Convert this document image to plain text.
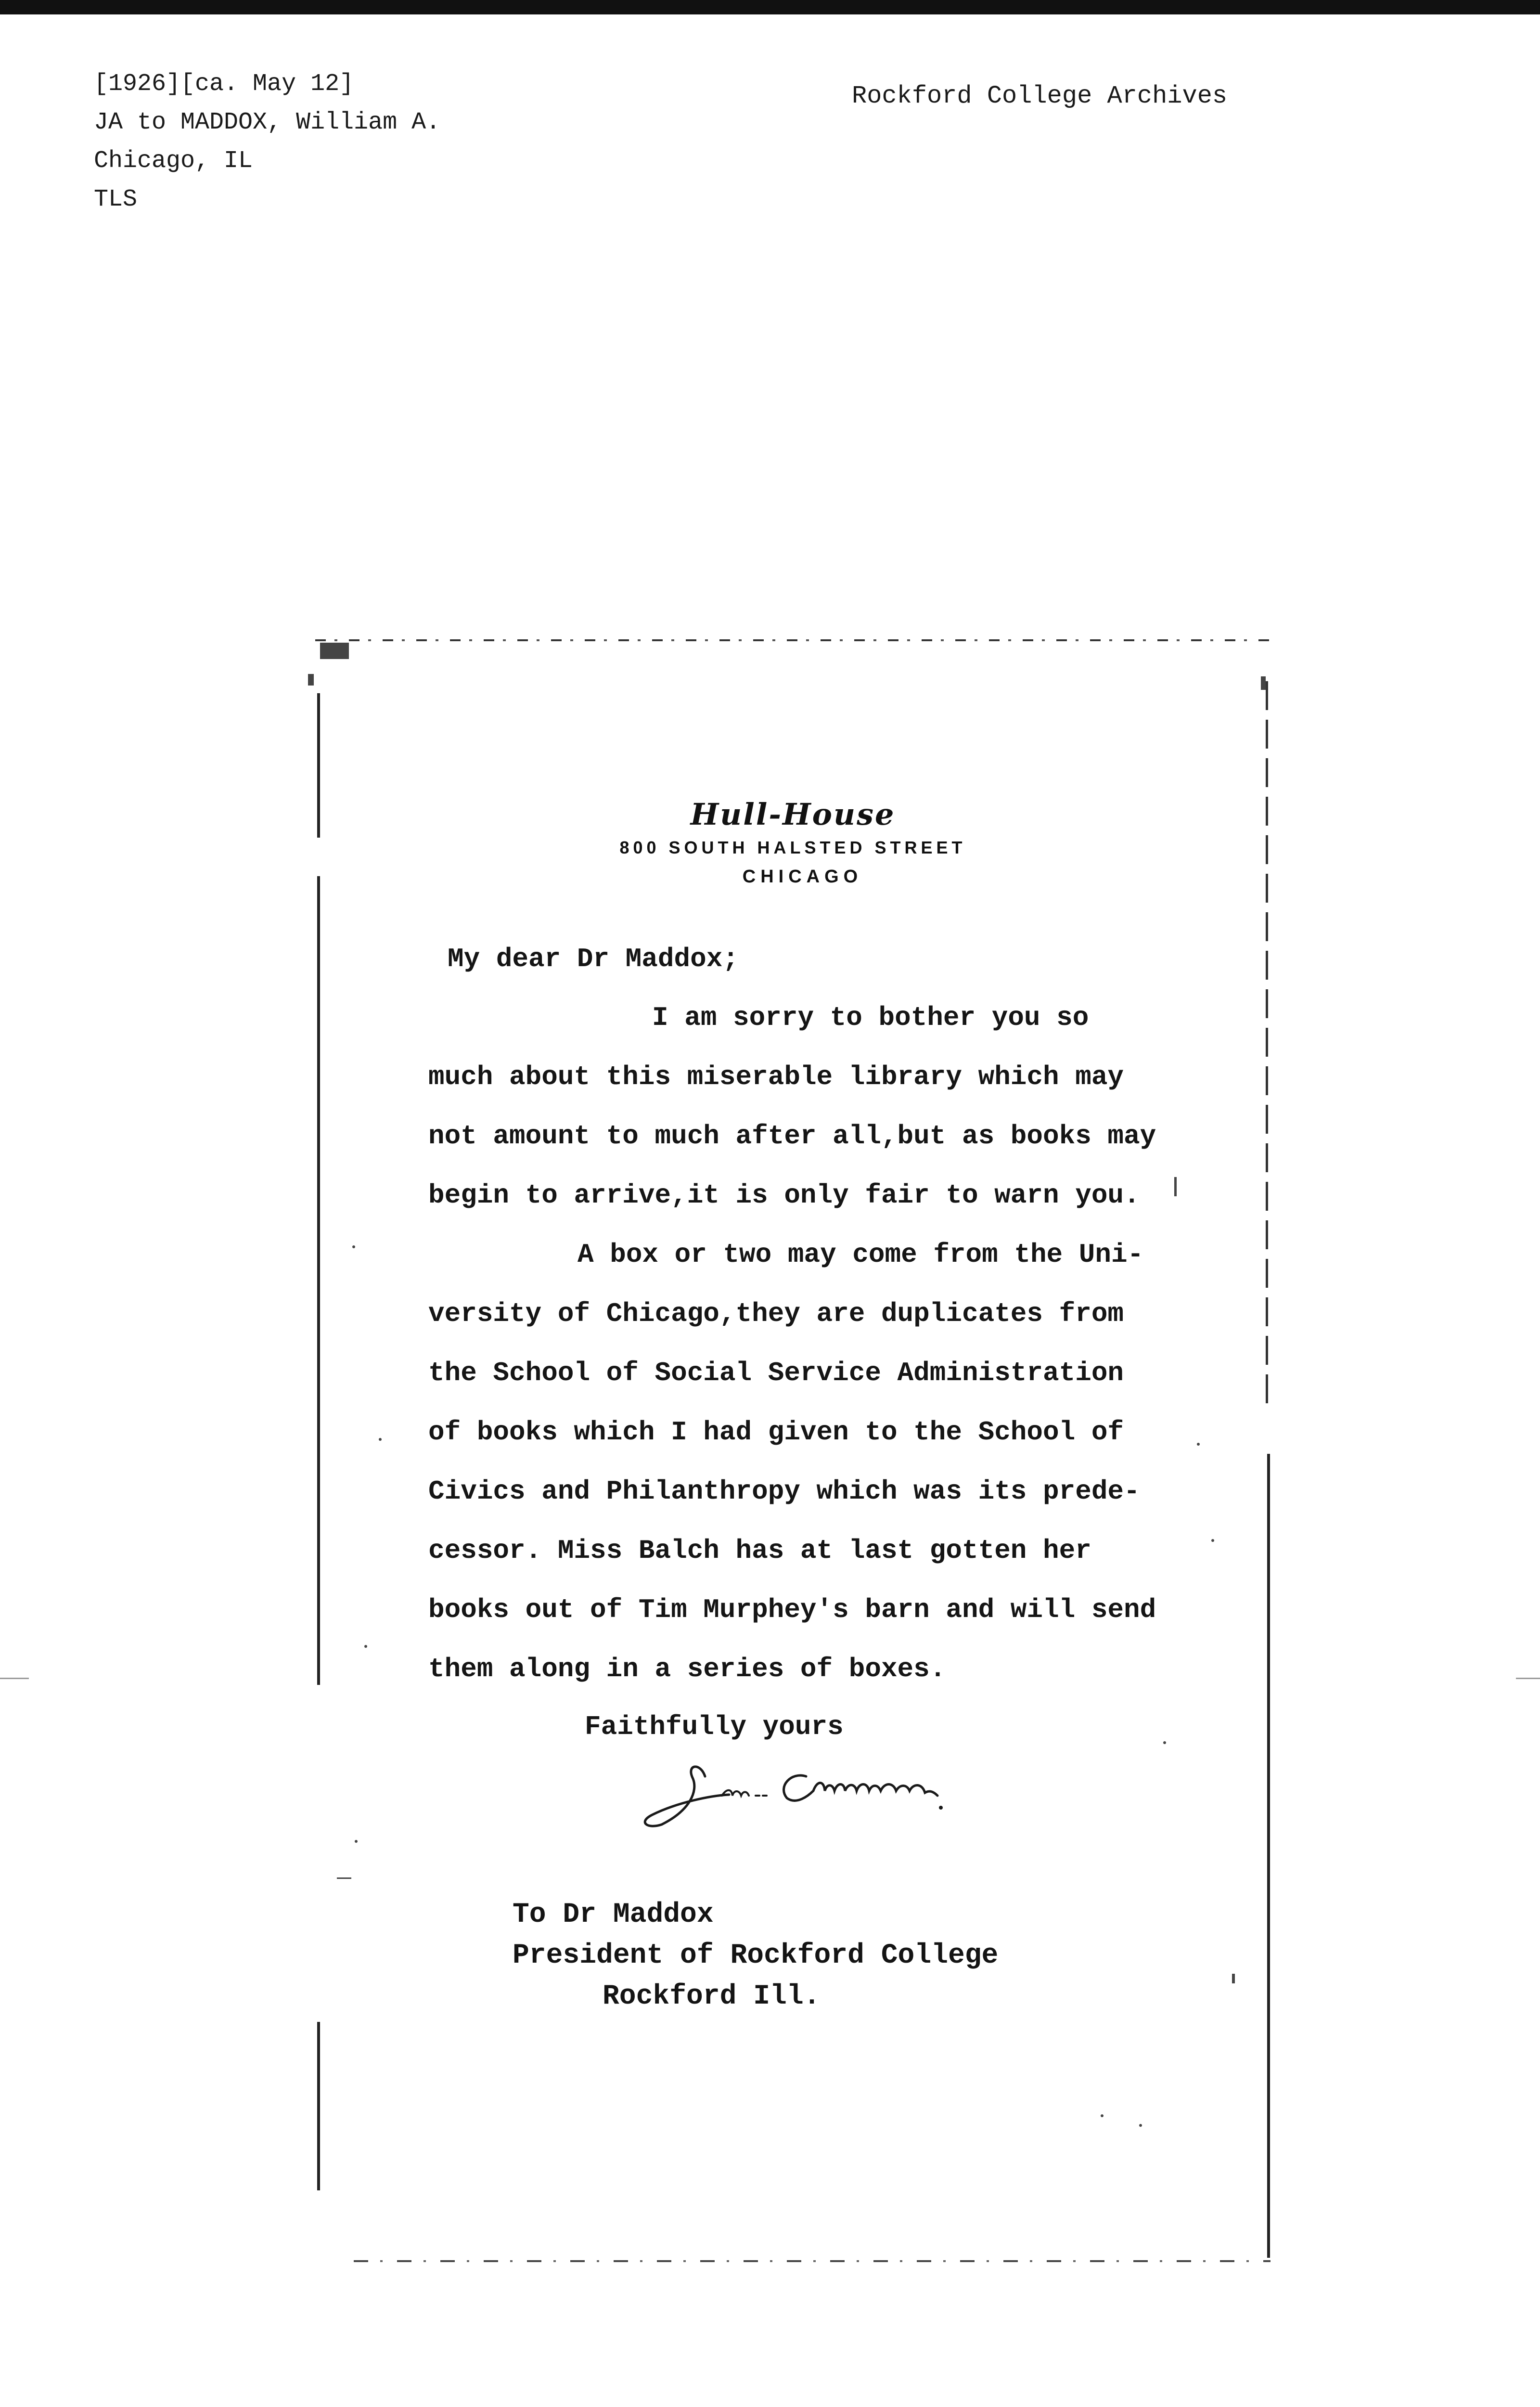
[1926][ca. May 12]
JA to MADDOX, William A.
Chicago, IL
TLS
Rockford College Archives
Hull-House
800 SOUTH HALSTED STREET
CHICAGO
My dear Dr Maddox;
I am sorry to bother you so
much about this miserable library which may
not amount to much after all,but as books may
begin to arrive,it is only fair to warn you.
A box or two may come from the Uni-
versity of Chicago,they are duplicates from
the School of Social Service Administration
of books which I had given to the School of
Civics and Philanthropy which was its prede-
cessor. Miss Balch has at last gotten her
books out of Tim Murphey's barn and will send
them along in a series of boxes.
Faithfully yours
To Dr Maddox
President of Rockford College
Rockford Ill.
